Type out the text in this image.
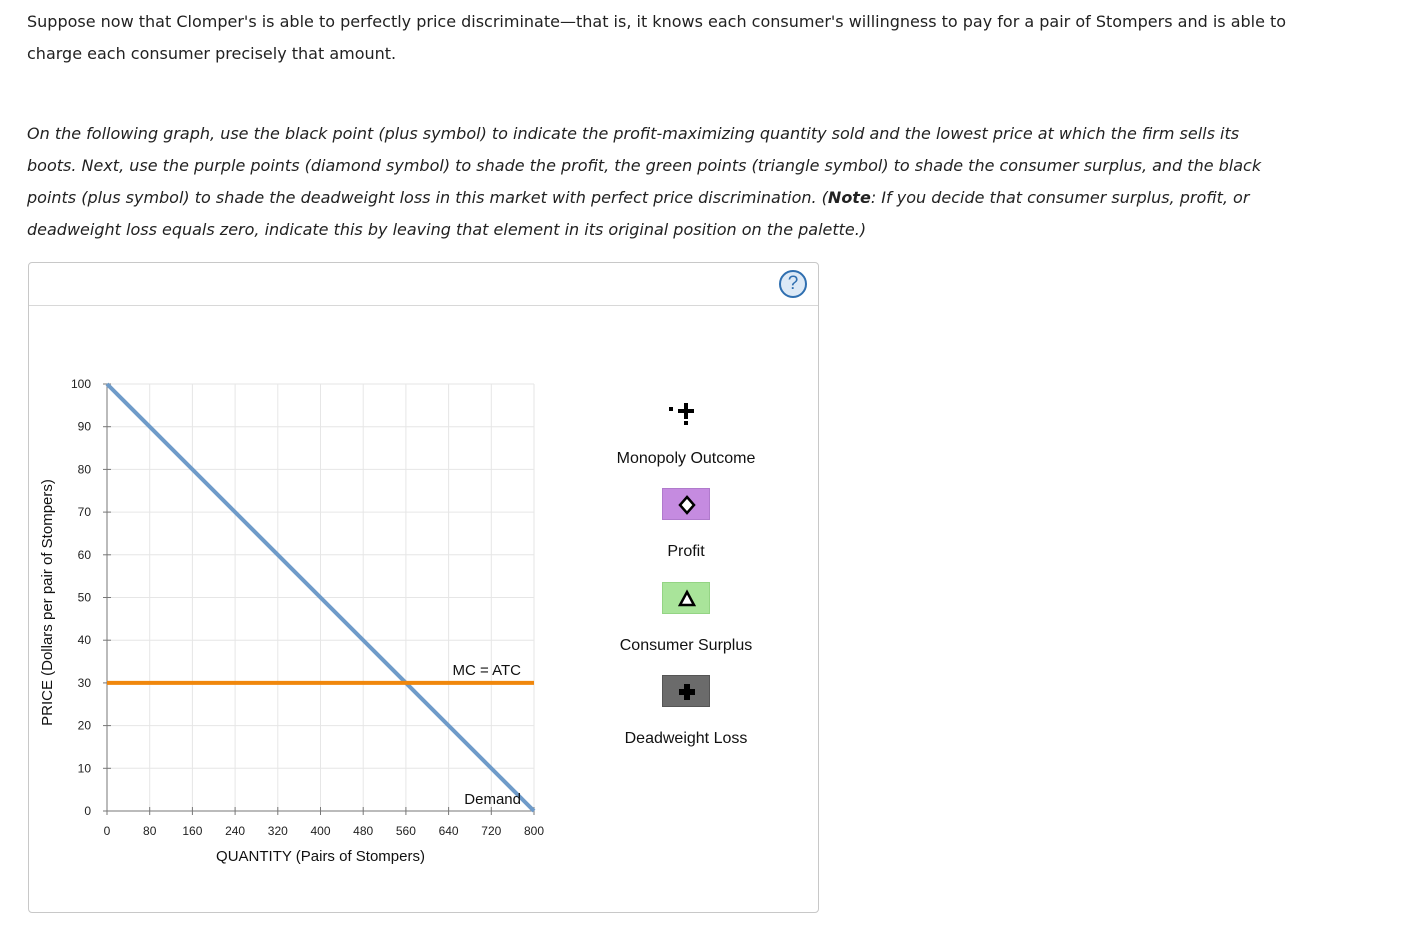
Suppose now that Clomper's is able to perfectly price discriminate—that is, it knows each consumer's willingness to pay for a pair of Stompers and is able to charge each consumer precisely that amount.
On the following graph, use the black point (plus symbol) to indicate the profit-maximizing quantity sold and the lowest price at which the firm sells its boots. Next, use the purple points (diamond symbol) to shade the profit, the green points (triangle symbol) to shade the consumer surplus, and the black points (plus symbol) to shade the deadweight loss in this market with perfect price discrimination. (Note: If you decide that consumer surplus, profit, or deadweight loss equals zero, indicate this by leaving that element in its original position on the palette.)
?
0
10
20
30
40
50
60
70
80
90
100
0	80 160 240 320 400 480 560 640 720 800
QUANTITY (Pairs of Stompers)
PRICE (Dollars per pair of Stompers)	MC = ATC
Demand
Monopoly Outcome
Profit
Consumer Surplus
Deadweight Loss
